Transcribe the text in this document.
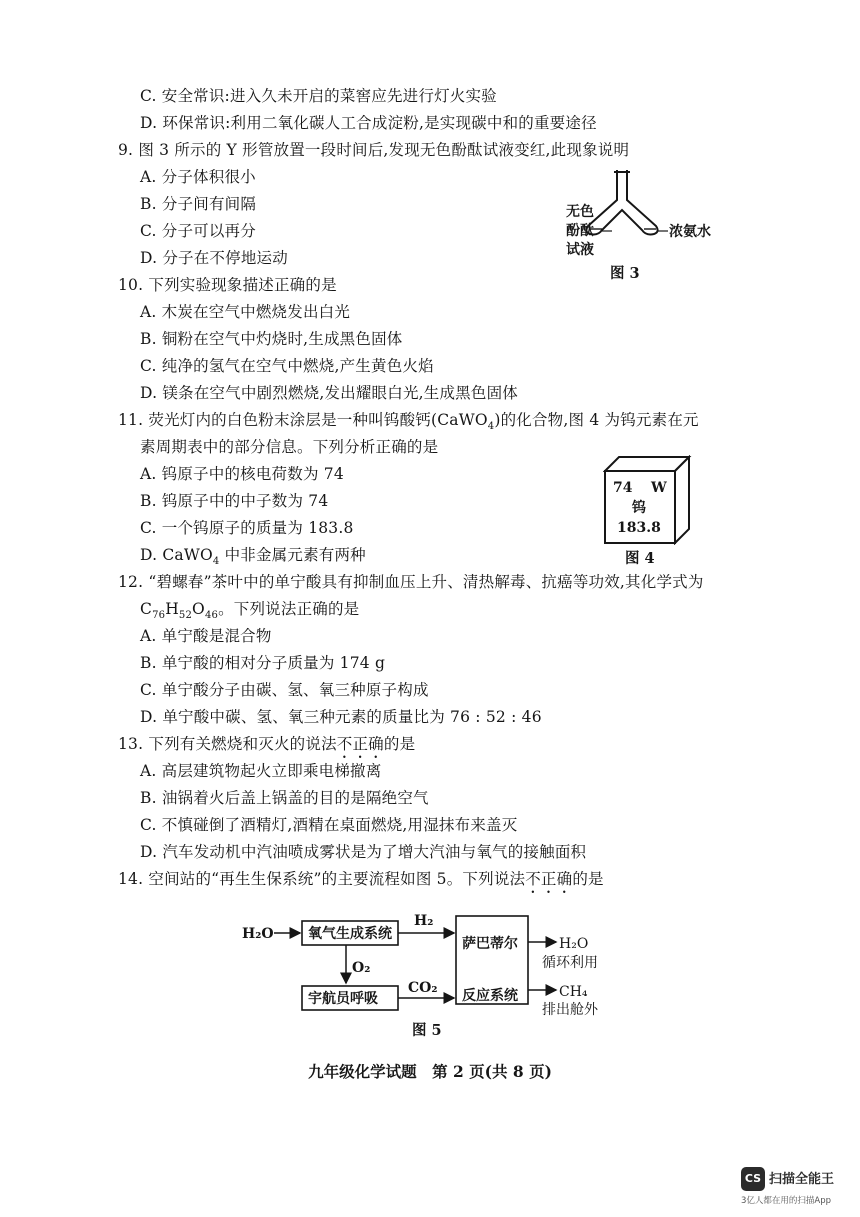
C. 安全常识:进入久未开启的菜窖应先进行灯火实验
D. 环保常识:利用二氧化碳人工合成淀粉,是实现碳中和的重要途径
9. 图 3 所示的 Y 形管放置一段时间后,发现无色酚酞试液变红,此现象说明
A. 分子体积很小
B. 分子间有间隔
C. 分子可以再分
D. 分子在不停地运动
无色
酚酞
试液
浓氨水
图 3
10. 下列实验现象描述正确的是
A. 木炭在空气中燃烧发出白光
B. 铜粉在空气中灼烧时,生成黑色固体
C. 纯净的氢气在空气中燃烧,产生黄色火焰
D. 镁条在空气中剧烈燃烧,发出耀眼白光,生成黑色固体
11. 荧光灯内的白色粉末涂层是一种叫钨酸钙(CaWO$_4$)的化合物,图 4 为钨元素在元
素周期表中的部分信息。下列分析正确的是
A. 钨原子中的核电荷数为 74
B. 钨原子中的中子数为 74
C. 一个钨原子的质量为 183.8
D. CaWO$_4$ 中非金属元素有两种
74 W
钨
183.8
图 4
12. “碧螺春”茶叶中的单宁酸具有抑制血压上升、清热解毒、抗癌等功效,其化学式为
$C_{76}H_{52}O_{46}$。下列说法正确的是
A. 单宁酸是混合物
B. 单宁酸的相对分子质量为 174 g
C. 单宁酸分子由碳、氢、氧三种原子构成
D. 单宁酸中碳、氢、氧三种元素的质量比为 76 : 52 : 46
13. 下列有关燃烧和灭火的说法不正确的是
A. 高层建筑物起火立即乘电梯撤离
B. 油锅着火后盖上锅盖的目的是隔绝空气
C. 不慎碰倒了酒精灯,酒精在桌面燃烧,用湿抹布来盖灭
D. 汽车发动机中汽油喷成雾状是为了增大汽油与氧气的接触面积
14. 空间站的“再生生保系统”的主要流程如图 5。下列说法不正确的是
H₂O 氧气生成系统
H₂
萨巴蒂尔
反应系统
O₂
宇航员呼吸
CO₂
H₂O
循环利用
CH₄
排出舱外
图 5
九年级化学试题　第 2 页(共 8 页)
CS 扫描全能王
3亿人都在用的扫描App
